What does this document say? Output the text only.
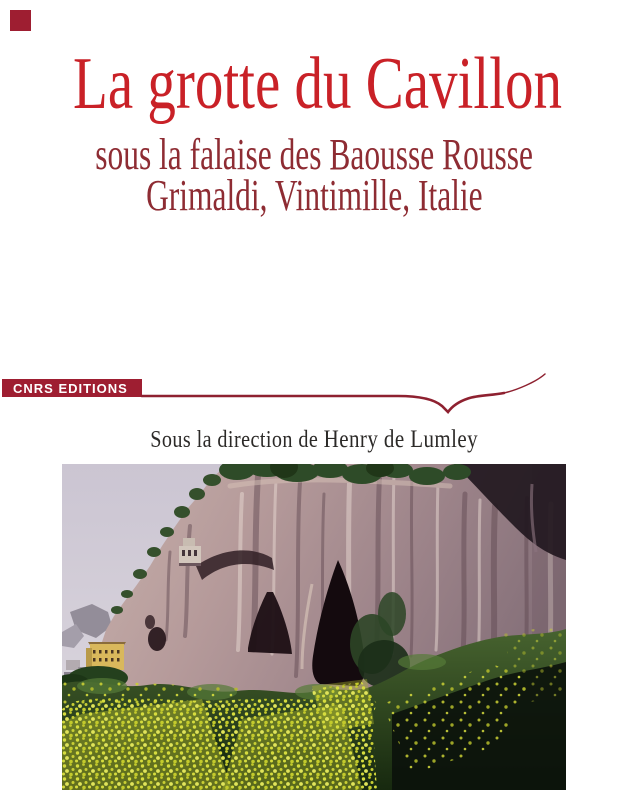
La grotte du Cavillon
sous la falaise des Baousse Rousse
Grimaldi, Vintimille, Italie
CNRS EDITIONS
Sous la direction de Henry de Lumley
